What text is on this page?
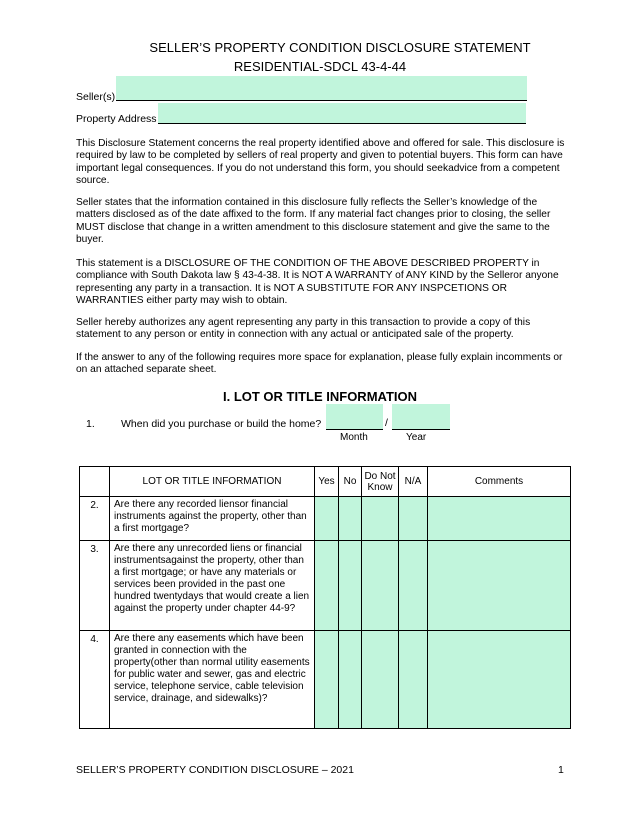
SELLER’S PROPERTY CONDITION DISCLOSURE STATEMENT
RESIDENTIAL-SDCL 43-4-44
Seller(s)
Property Address

This Disclosure Statement concerns the real property identified above and offered for sale. This disclosure is required by law to be completed by sellers of real property and given to potential buyers. This form can have important legal consequences. If you do not understand this form, you should seekadvice from a competent source.

Seller states that the information contained in this disclosure fully reflects the Seller’s knowledge of the matters disclosed as of the date affixed to the form. If any material fact changes prior to closing, the seller MUST disclose that change in a written amendment to this disclosure statement and give the same to the buyer.

This statement is a DISCLOSURE OF THE CONDITION OF THE ABOVE DESCRIBED PROPERTY in compliance with South Dakota law § 43-4-38. It is NOT A WARRANTY of ANY KIND by the Selleror anyone representing any party in a transaction. It is NOT A SUBSTITUTE FOR ANY INSPCETIONS OR WARRANTIES either party may wish to obtain.

Seller hereby authorizes any agent representing any party in this transaction to provide a copy of this statement to any person or entity in connection with any actual or anticipated sale of the property.

If the answer to any of the following requires more space for explanation, please fully explain incomments or on an attached separate sheet.

I. LOT OR TITLE INFORMATION
1. When did you purchase or build the home?	/
Month	Year
	LOT OR TITLE INFORMATION	Yes	No	Do Not Know	N/A	Comments
2.	Are there any recorded liensor financial instruments against the property, other than a first mortgage?					
3.	Are there any unrecorded liens or financial instrumentsagainst the property, other than a first mortgage; or have any materials or services been provided in the past one hundred twentydays that would create a lien against the property under chapter 44-9?					
4.	Are there any easements which have been granted in connection with the property(other than normal utility easements for public water and sewer, gas and electric service, telephone service, cable television service, drainage, and sidewalks)?					
SELLER’S PROPERTY CONDITION DISCLOSURE – 2021	1
